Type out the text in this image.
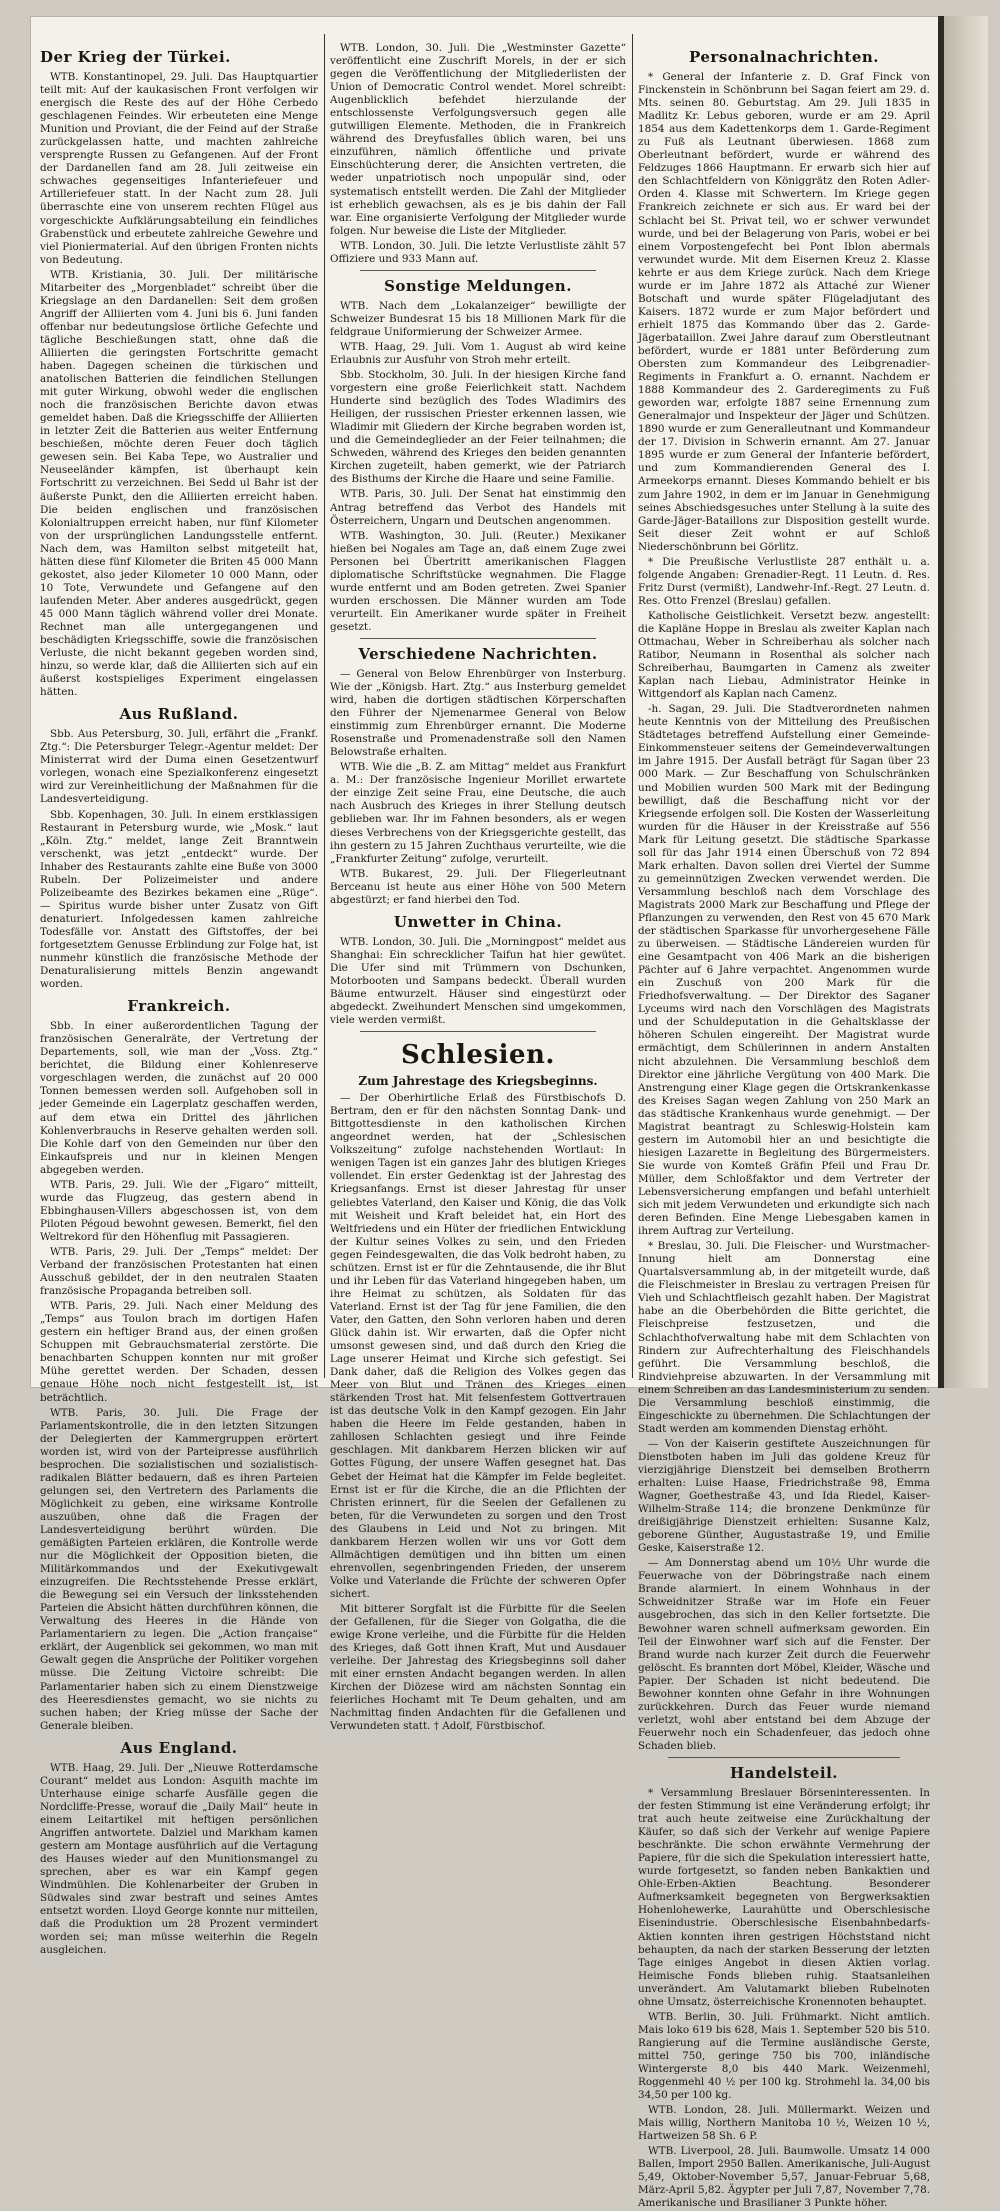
Der Krieg der Türkei.

WTB. Konstantinopel, 29. Juli. Das Hauptquartier teilt mit: Auf der kaukasischen Front verfolgen wir energisch die Reste des auf der Höhe Cerbedo geschlagenen Feindes. Wir erbeuteten eine Menge Munition und Proviant, die der Feind auf der Straße zurückgelassen hatte, und machten zahlreiche versprengte Russen zu Gefangenen. Auf der Front der Dardanellen fand am 28. Juli zeitweise ein schwaches gegenseitiges Infanteriefeuer und Artilleriefeuer statt. In der Nacht zum 28. Juli überraschte eine von unserem rechten Flügel aus vorgeschickte Aufklärungsabteilung ein feindliches Grabenstück und erbeutete zahlreiche Gewehre und viel Pioniermaterial. Auf den übrigen Fronten nichts von Bedeutung.

WTB. Kristiania, 30. Juli. Der militärische Mitarbeiter des „Morgenbladet“ schreibt über die Kriegslage an den Dardanellen: Seit dem großen Angriff der Alliierten vom 4. Juni bis 6. Juni fanden offenbar nur bedeutungslose örtliche Gefechte und tägliche Beschießungen statt, ohne daß die Alliierten die geringsten Fortschritte gemacht haben. Dagegen scheinen die türkischen und anatolischen Batterien die feindlichen Stellungen mit guter Wirkung, obwohl weder die englischen noch die französischen Berichte davon etwas gemeldet haben. Daß die Kriegsschiffe der Alliierten in letzter Zeit die Batterien aus weiter Entfernung beschießen, möchte deren Feuer doch täglich gewesen sein. Bei Kaba Tepe, wo Australier und Neuseeländer kämpfen, ist überhaupt kein Fortschritt zu verzeichnen. Bei Sedd ul Bahr ist der äußerste Punkt, den die Alliierten erreicht haben. Die beiden englischen und französischen Kolonialtruppen erreicht haben, nur fünf Kilometer von der ursprünglichen Landungsstelle entfernt. Nach dem, was Hamilton selbst mitgeteilt hat, hätten diese fünf Kilometer die Briten 45 000 Mann gekostet, also jeder Kilometer 10 000 Mann, oder 10 Tote, Verwundete und Gefangene auf den laufenden Meter. Aber anderes ausgedrückt, gegen 45 000 Mann täglich während voller drei Monate. Rechnet man alle untergegangenen und beschädigten Kriegsschiffe, sowie die französischen Verluste, die nicht bekannt gegeben worden sind, hinzu, so werde klar, daß die Alliierten sich auf ein äußerst kostspieliges Experiment eingelassen hätten.

Aus Rußland.

Sbb. Aus Petersburg, 30. Juli, erfährt die „Frankf. Ztg.“: Die Petersburger Telegr.-Agentur meldet: Der Ministerrat wird der Duma einen Gesetzentwurf vorlegen, wonach eine Spezialkonferenz eingesetzt wird zur Vereinheitlichung der Maßnahmen für die Landesverteidigung.

Sbb. Kopenhagen, 30. Juli. In einem erstklassigen Restaurant in Petersburg wurde, wie „Mosk.“ laut „Köln. Ztg.“ meldet, lange Zeit Branntwein verschenkt, was jetzt „entdeckt“ wurde. Der Inhaber des Restaurants zahlte eine Buße von 3000 Rubeln. Der Polizeimeister und andere Polizeibeamte des Bezirkes bekamen eine „Rüge“. — Spiritus wurde bisher unter Zusatz von Gift denaturiert. Infolgedessen kamen zahlreiche Todesfälle vor. Anstatt des Giftstoffes, der bei fortgesetztem Genusse Erblindung zur Folge hat, ist nunmehr künstlich die französische Methode der Denaturalisierung mittels Benzin angewandt worden.

Frankreich.

Sbb. In einer außerordentlichen Tagung der französischen Generalräte, der Vertretung der Departements, soll, wie man der „Voss. Ztg.“ berichtet, die Bildung einer Kohlenreserve vorgeschlagen werden, die zunächst auf 20 000 Tonnen bemessen werden soll. Aufgehoben soll in jeder Gemeinde ein Lagerplatz geschaffen werden, auf dem etwa ein Drittel des jährlichen Kohlenverbrauchs in Reserve gehalten werden soll. Die Kohle darf von den Gemeinden nur über den Einkaufspreis und nur in kleinen Mengen abgegeben werden.

WTB. Paris, 29. Juli. Wie der „Figaro“ mitteilt, wurde das Flugzeug, das gestern abend in Ebbinghausen-Villers abgeschossen ist, von dem Piloten Pégoud bewohnt gewesen. Bemerkt, fiel den Weltrekord für den Höhenflug mit Passagieren.

WTB. Paris, 29. Juli. Der „Temps“ meldet: Der Verband der französischen Protestanten hat einen Ausschuß gebildet, der in den neutralen Staaten französische Propaganda betreiben soll.

WTB. Paris, 29. Juli. Nach einer Meldung des „Temps“ aus Toulon brach im dortigen Hafen gestern ein heftiger Brand aus, der einen großen Schuppen mit Gebrauchsmaterial zerstörte. Die benachbarten Schuppen konnten nur mit großer Mühe gerettet werden. Der Schaden, dessen genaue Höhe noch nicht festgestellt ist, ist beträchtlich.

WTB. Paris, 30. Juli. Die Frage der Parlamentskontrolle, die in den letzten Sitzungen der Delegierten der Kammergruppen erörtert worden ist, wird von der Parteipresse ausführlich besprochen. Die sozialistischen und sozialistisch-radikalen Blätter bedauern, daß es ihren Parteien gelungen sei, den Vertretern des Parlaments die Möglichkeit zu geben, eine wirksame Kontrolle auszuüben, ohne daß die Fragen der Landesverteidigung berührt würden. Die gemäßigten Parteien erklären, die Kontrolle werde nur die Möglichkeit der Opposition bieten, die Militärkommandos und der Exekutivgewalt einzugreifen. Die Rechtsstehende Presse erklärt, die Bewegung sei ein Versuch der linksstehenden Parteien die Absicht hätten durchführen können, die Verwaltung des Heeres in die Hände von Parlamentariern zu legen. Die „Action française“ erklärt, der Augenblick sei gekommen, wo man mit Gewalt gegen die Ansprüche der Politiker vorgehen müsse. Die Zeitung Victoire schreibt: Die Parlamentarier haben sich zu einem Dienstzweige des Heeresdienstes gemacht, wo sie nichts zu suchen haben; der Krieg müsse der Sache der Generale bleiben.

Aus England.

WTB. Haag, 29. Juli. Der „Nieuwe Rotterdamsche Courant“ meldet aus London: Asquith machte im Unterhause einige scharfe Ausfälle gegen die Nordcliffe-Presse, worauf die „Daily Mail“ heute in einem Leitartikel mit heftigen persönlichen Angriffen antwortete. Dalziel und Markham kamen gestern am Montage ausführlich auf die Vertagung des Hauses wieder auf den Munitionsmangel zu sprechen, aber es war ein Kampf gegen Windmühlen. Die Kohlenarbeiter der Gruben in Südwales sind zwar bestraft und seines Amtes entsetzt worden. Lloyd George konnte nur mitteilen, daß die Produktion um 28 Prozent vermindert worden sei; man müsse weiterhin die Regeln ausgleichen.

WTB. London, 30. Juli. Die „Westminster Gazette“ veröffentlicht eine Zuschrift Morels, in der er sich gegen die Veröffentlichung der Mitgliederlisten der Union of Democratic Control wendet. Morel schreibt: Augenblicklich befehdet hierzulande der entschlossenste Verfolgungsversuch gegen alle gutwilligen Elemente. Methoden, die in Frankreich während des Dreyfusfalles üblich waren, bei uns einzuführen, nämlich öffentliche und private Einschüchterung derer, die Ansichten vertreten, die weder unpatriotisch noch unpopulär sind, oder systematisch entstellt werden. Die Zahl der Mitglieder ist erheblich gewachsen, als es je bis dahin der Fall war. Eine organisierte Verfolgung der Mitglieder wurde folgen. Nur beweise die Liste der Mitglieder.

WTB. London, 30. Juli. Die letzte Verlustliste zählt 57 Offiziere und 933 Mann auf.

Sonstige Meldungen.

WTB. Nach dem „Lokalanzeiger“ bewilligte der Schweizer Bundesrat 15 bis 18 Millionen Mark für die feldgraue Uniformierung der Schweizer Armee.

WTB. Haag, 29. Juli. Vom 1. August ab wird keine Erlaubnis zur Ausfuhr von Stroh mehr erteilt.

Sbb. Stockholm, 30. Juli. In der hiesigen Kirche fand vorgestern eine große Feierlichkeit statt. Nachdem Hunderte sind bezüglich des Todes Wladimirs des Heiligen, der russischen Priester erkennen lassen, wie Wladimir mit Gliedern der Kirche begraben worden ist, und die Gemeindeglieder an der Feier teilnahmen; die Schweden, während des Krieges den beiden genannten Kirchen zugeteilt, haben gemerkt, wie der Patriarch des Bisthums der Kirche die Haare und seine Familie.

WTB. Paris, 30. Juli. Der Senat hat einstimmig den Antrag betreffend das Verbot des Handels mit Österreichern, Ungarn und Deutschen angenommen.

WTB. Washington, 30. Juli. (Reuter.) Mexikaner hießen bei Nogales am Tage an, daß einem Zuge zwei Personen bei Übertritt amerikanischen Flaggen diplomatische Schriftstücke wegnahmen. Die Flagge wurde entfernt und am Boden getreten. Zwei Spanier wurden erschossen. Die Männer wurden am Tode verurteilt. Ein Amerikaner wurde später in Freiheit gesetzt.

Verschiedene Nachrichten.

— General von Below Ehrenbürger von Insterburg. Wie der „Königsb. Hart. Ztg.“ aus Insterburg gemeldet wird, haben die dortigen städtischen Körperschaften den Führer der Njemenarmee General von Below einstimmig zum Ehrenbürger ernannt. Die Moderne Rosenstraße und Promenadenstraße soll den Namen Belowstraße erhalten.

WTB. Wie die „B. Z. am Mittag“ meldet aus Frankfurt a. M.: Der französische Ingenieur Morillet erwartete der einzige Zeit seine Frau, eine Deutsche, die auch nach Ausbruch des Krieges in ihrer Stellung deutsch geblieben war. Ihr im Fahnen besonders, als er wegen dieses Verbrechens von der Kriegsgerichte gestellt, das ihn gestern zu 15 Jahren Zuchthaus verurteilte, wie die „Frankfurter Zeitung“ zufolge, verurteilt.

WTB. Bukarest, 29. Juli. Der Fliegerleutnant Berceanu ist heute aus einer Höhe von 500 Metern abgestürzt; er fand hierbei den Tod.

Unwetter in China.

WTB. London, 30. Juli. Die „Morningpost“ meldet aus Shanghai: Ein schrecklicher Taifun hat hier gewütet. Die Ufer sind mit Trümmern von Dschunken, Motorbooten und Sampans bedeckt. Überall wurden Bäume entwurzelt. Häuser sind eingestürzt oder abgedeckt. Zweihundert Menschen sind umgekommen, viele werden vermißt.

Schlesien.
Zum Jahrestage des Kriegsbeginns.

— Der Oberhirtliche Erlaß des Fürstbischofs D. Bertram, den er für den nächsten Sonntag Dank- und Bittgottesdienste in den katholischen Kirchen angeordnet werden, hat der „Schlesischen Volkszeitung“ zufolge nachstehenden Wortlaut: In wenigen Tagen ist ein ganzes Jahr des blutigen Krieges vollendet. Ein erster Gedenktag ist der Jahrestag des Kriegsanfangs. Ernst ist dieser Jahrestag für unser geliebtes Vaterland, den Kaiser und König, die das Volk mit Weisheit und Kraft beleidet hat, ein Hort des Weltfriedens und ein Hüter der friedlichen Entwicklung der Kultur seines Volkes zu sein, und den Frieden gegen Feindesgewalten, die das Volk bedroht haben, zu schützen. Ernst ist er für die Zehntausende, die ihr Blut und ihr Leben für das Vaterland hingegeben haben, um ihre Heimat zu schützen, als Soldaten für das Vaterland. Ernst ist der Tag für jene Familien, die den Vater, den Gatten, den Sohn verloren haben und deren Glück dahin ist. Wir erwarten, daß die Opfer nicht umsonst gewesen sind, und daß durch den Krieg die Lage unserer Heimat und Kirche sich gefestigt. Sei Dank daher, daß die Religion des Volkes gegen das Meer von Blut und Tränen des Krieges einen stärkenden Trost hat. Mit felsenfestem Gottvertrauen ist das deutsche Volk in den Kampf gezogen. Ein Jahr haben die Heere im Felde gestanden, haben in zahllosen Schlachten gesiegt und ihre Feinde geschlagen. Mit dankbarem Herzen blicken wir auf Gottes Fügung, der unsere Waffen gesegnet hat. Das Gebet der Heimat hat die Kämpfer im Felde begleitet. Ernst ist er für die Kirche, die an die Pflichten der Christen erinnert, für die Seelen der Gefallenen zu beten, für die Verwundeten zu sorgen und den Trost des Glaubens in Leid und Not zu bringen. Mit dankbarem Herzen wollen wir uns vor Gott dem Allmächtigen demütigen und ihn bitten um einen ehrenvollen, segenbringenden Frieden, der unserem Volke und Vaterlande die Früchte der schweren Opfer sichert.

Mit bitterer Sorgfalt ist die Fürbitte für die Seelen der Gefallenen, für die Sieger von Golgatha, die die ewige Krone verleihe, und die Fürbitte für die Helden des Krieges, daß Gott ihnen Kraft, Mut und Ausdauer verleihe. Der Jahrestag des Kriegsbeginns soll daher mit einer ernsten Andacht begangen werden. In allen Kirchen der Diözese wird am nächsten Sonntag ein feierliches Hochamt mit Te Deum gehalten, und am Nachmittag finden Andachten für die Gefallenen und Verwundeten statt. † Adolf, Fürstbischof.

Personalnachrichten.

* General der Infanterie z. D. Graf Finck von Finckenstein in Schönbrunn bei Sagan feiert am 29. d. Mts. seinen 80. Geburtstag. Am 29. Juli 1835 in Madlitz Kr. Lebus geboren, wurde er am 29. April 1854 aus dem Kadettenkorps dem 1. Garde-Regiment zu Fuß als Leutnant überwiesen. 1868 zum Oberleutnant befördert, wurde er während des Feldzuges 1866 Hauptmann. Er erwarb sich hier auf den Schlachtfeldern von Königgrätz den Roten Adler-Orden 4. Klasse mit Schwertern. Im Kriege gegen Frankreich zeichnete er sich aus. Er ward bei der Schlacht bei St. Privat teil, wo er schwer verwundet wurde, und bei der Belagerung von Paris, wobei er bei einem Vorpostengefecht bei Pont Iblon abermals verwundet wurde. Mit dem Eisernen Kreuz 2. Klasse kehrte er aus dem Kriege zurück. Nach dem Kriege wurde er im Jahre 1872 als Attaché zur Wiener Botschaft und wurde später Flügeladjutant des Kaisers. 1872 wurde er zum Major befördert und erhielt 1875 das Kommando über das 2. Garde-Jägerbataillon. Zwei Jahre darauf zum Oberstleutnant befördert, wurde er 1881 unter Beförderung zum Obersten zum Kommandeur des Leibgrenadier-Regiments in Frankfurt a. O. ernannt. Nachdem er 1888 Kommandeur des 2. Garderegiments zu Fuß geworden war, erfolgte 1887 seine Ernennung zum Generalmajor und Inspekteur der Jäger und Schützen. 1890 wurde er zum Generalleutnant und Kommandeur der 17. Division in Schwerin ernannt. Am 27. Januar 1895 wurde er zum General der Infanterie befördert, und zum Kommandierenden General des I. Armeekorps ernannt. Dieses Kommando behielt er bis zum Jahre 1902, in dem er im Januar in Genehmigung seines Abschiedsgesuches unter Stellung à la suite des Garde-Jäger-Bataillons zur Disposition gestellt wurde. Seit dieser Zeit wohnt er auf Schloß Niederschönbrunn bei Görlitz.

* Die Preußische Verlustliste 287 enthält u. a. folgende Angaben: Grenadier-Regt. 11 Leutn. d. Res. Fritz Durst (vermißt), Landwehr-Inf.-Regt. 27 Leutn. d. Res. Otto Frenzel (Breslau) gefallen.

Katholische Geistlichkeit. Versetzt bezw. angestellt: die Kapläne Hoppe in Breslau als zweiter Kaplan nach Ottmachau, Weber in Schreiberhau als solcher nach Ratibor, Neumann in Rosenthal als solcher nach Schreiberhau, Baumgarten in Camenz als zweiter Kaplan nach Liebau, Administrator Heinke in Wittgendorf als Kaplan nach Camenz.

-h. Sagan, 29. Juli. Die Stadtverordneten nahmen heute Kenntnis von der Mitteilung des Preußischen Städtetages betreffend Aufstellung einer Gemeinde-Einkommensteuer seitens der Gemeindeverwaltungen im Jahre 1915. Der Ausfall beträgt für Sagan über 23 000 Mark. — Zur Beschaffung von Schulschränken und Mobilien wurden 500 Mark mit der Bedingung bewilligt, daß die Beschaffung nicht vor der Kriegsende erfolgen soll. Die Kosten der Wasserleitung wurden für die Häuser in der Kreisstraße auf 556 Mark für Leitung gesetzt. Die städtische Sparkasse soll für das Jahr 1914 einen Überschuß von 72 894 Mark erhalten. Davon sollen drei Viertel der Summe zu gemeinnützigen Zwecken verwendet werden. Die Versammlung beschloß nach dem Vorschlage des Magistrats 2000 Mark zur Beschaffung und Pflege der Pflanzungen zu verwenden, den Rest von 45 670 Mark der städtischen Sparkasse für unvorhergesehene Fälle zu überweisen. — Städtische Ländereien wurden für eine Gesamtpacht von 406 Mark an die bisherigen Pächter auf 6 Jahre verpachtet. Angenommen wurde ein Zuschuß von 200 Mark für die Friedhofsverwaltung. — Der Direktor des Saganer Lyceums wird nach den Vorschlägen des Magistrats und der Schuldeputation in die Gehaltsklasse der höheren Schulen eingereiht. Der Magistrat wurde ermächtigt, dem Schülerinnen in andern Anstalten nicht abzulehnen. Die Versammlung beschloß dem Direktor eine jährliche Vergütung von 400 Mark. Die Anstrengung einer Klage gegen die Ortskrankenkasse des Kreises Sagan wegen Zahlung von 250 Mark an das städtische Krankenhaus wurde genehmigt. — Der Magistrat beantragt zu Schleswig-Holstein kam gestern im Automobil hier an und besichtigte die hiesigen Lazarette in Begleitung des Bürgermeisters. Sie wurde von Komteß Gräfin Pfeil und Frau Dr. Müller, dem Schloßfaktor und dem Vertreter der Lebensversicherung empfangen und befahl unterhielt sich mit jedem Verwundeten und erkundigte sich nach deren Befinden. Eine Menge Liebesgaben kamen in ihrem Auftrag zur Verteilung.

* Breslau, 30. Juli. Die Fleischer- und Wurstmacher-Innung hielt am Donnerstag eine Quartalsversammlung ab, in der mitgeteilt wurde, daß die Fleischmeister in Breslau zu vertragen Preisen für Vieh und Schlachtfleisch gezahlt haben. Der Magistrat habe an die Oberbehörden die Bitte gerichtet, die Fleischpreise festzusetzen, und die Schlachthofverwaltung habe mit dem Schlachten von Rindern zur Aufrechterhaltung des Fleischhandels geführt. Die Versammlung beschloß, die Rindviehpreise abzuwarten. In der Versammlung mit einem Schreiben an das Landesministerium zu senden. Die Versammlung beschloß einstimmig, die Eingeschickte zu übernehmen. Die Schlachtungen der Stadt werden am kommenden Dienstag erhöht.

— Von der Kaiserin gestiftete Auszeichnungen für Dienstboten haben im Juli das goldene Kreuz für vierzigjährige Dienstzeit bei demselben Brotherrn erhalten: Luise Haase, Friedrichstraße 98, Emma Wagner, Goethestraße 43, und Ida Riedel, Kaiser-Wilhelm-Straße 114; die bronzene Denkmünze für dreißigjährige Dienstzeit erhielten: Susanne Kalz, geborene Günther, Augustastraße 19, und Emilie Geske, Kaiserstraße 12.

— Am Donnerstag abend um 10½ Uhr wurde die Feuerwache von der Döbringstraße nach einem Brande alarmiert. In einem Wohnhaus in der Schweidnitzer Straße war im Hofe ein Feuer ausgebrochen, das sich in den Keller fortsetzte. Die Bewohner waren schnell aufmerksam geworden. Ein Teil der Einwohner warf sich auf die Fenster. Der Brand wurde nach kurzer Zeit durch die Feuerwehr gelöscht. Es brannten dort Möbel, Kleider, Wäsche und Papier. Der Schaden ist nicht bedeutend. Die Bewohner konnten ohne Gefahr in ihre Wohnungen zurückkehren. Durch das Feuer wurde niemand verletzt, wohl aber entstand bei dem Abzuge der Feuerwehr noch ein Schadenfeuer, das jedoch ohne Schaden blieb.

Handelsteil.

* Versammlung Breslauer Börseninteressenten. In der festen Stimmung ist eine Veränderung erfolgt; ihr trat auch heute zeitweise eine Zurückhaltung der Käufer, so daß sich der Verkehr auf wenige Papiere beschränkte. Die schon erwähnte Vermehrung der Papiere, für die sich die Spekulation interessiert hatte, wurde fortgesetzt, so fanden neben Bankaktien und Ohle-Erben-Aktien Beachtung. Besonderer Aufmerksamkeit begegneten von Bergwerksaktien Hohenlohewerke, Laurahütte und Oberschlesische Eisenindustrie. Oberschlesische Eisenbahnbedarfs-Aktien konnten ihren gestrigen Höchststand nicht behaupten, da nach der starken Besserung der letzten Tage einiges Angebot in diesen Aktien vorlag. Heimische Fonds blieben ruhig. Staatsanleihen unverändert. Am Valutamarkt blieben Rubelnoten ohne Umsatz, österreichische Kronennoten behauptet.

WTB. Berlin, 30. Juli. Frühmarkt. Nicht amtlich. Mais loko 619 bis 628, Mais 1. September 520 bis 510. Rangierung auf die Termine ausländische Gerste, mittel 750, geringe 750 bis 700, inländische Wintergerste 8,0 bis 440 Mark. Weizenmehl, Roggenmehl 40 ½ per 100 kg. Strohmehl la. 34,00 bis 34,50 per 100 kg.

WTB. London, 28. Juli. Müllermarkt. Weizen und Mais willig, Northern Manitoba 10 ½, Weizen 10 ½, Hartweizen 58 Sh. 6 P.

WTB. Liverpool, 28. Juli. Baumwolle. Umsatz 14 000 Ballen, Import 2950 Ballen. Amerikanische, Juli-August 5,49, Oktober-November 5,57, Januar-Februar 5,68, März-April 5,82. Ägypter per Juli 7,87, November 7,78. Amerikanische und Brasilianer 3 Punkte höher.
